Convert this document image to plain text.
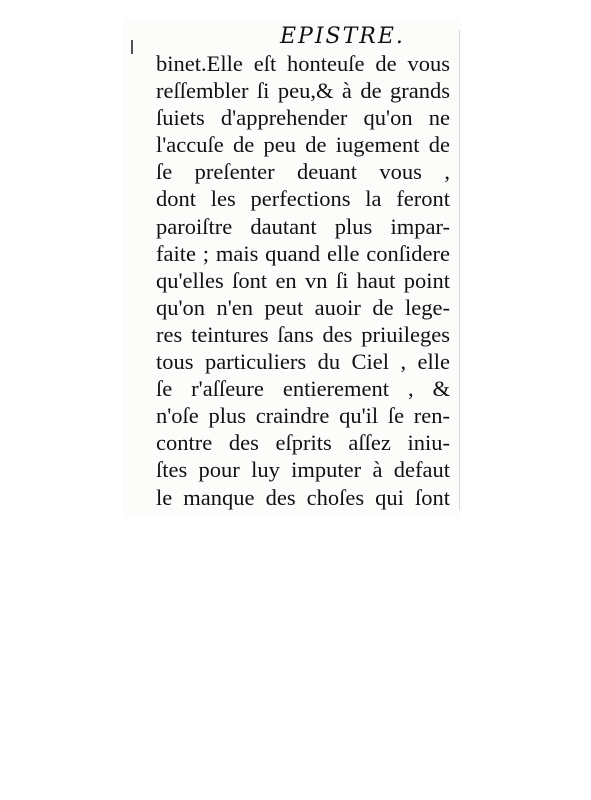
EPISTRE.
binet.Elle eſt honteuſe de vous
reſſembler ſi peu,& à de grands
ſuiets d'apprehender qu'on ne
l'accuſe de peu de iugement de
ſe preſenter deuant vous ,
dont les perfections la feront
paroiſtre dautant plus impar-
faite ; mais quand elle conſidere
qu'elles ſont en vn ſi haut point
qu'on n'en peut auoir de lege-
res teintures ſans des priuileges
tous particuliers du Ciel , elle
ſe r'aſſeure entierement , &
n'oſe plus craindre qu'il ſe ren-
contre des eſprits aſſez iniu-
ſtes pour luy imputer à defaut
le manque des choſes qui ſont
